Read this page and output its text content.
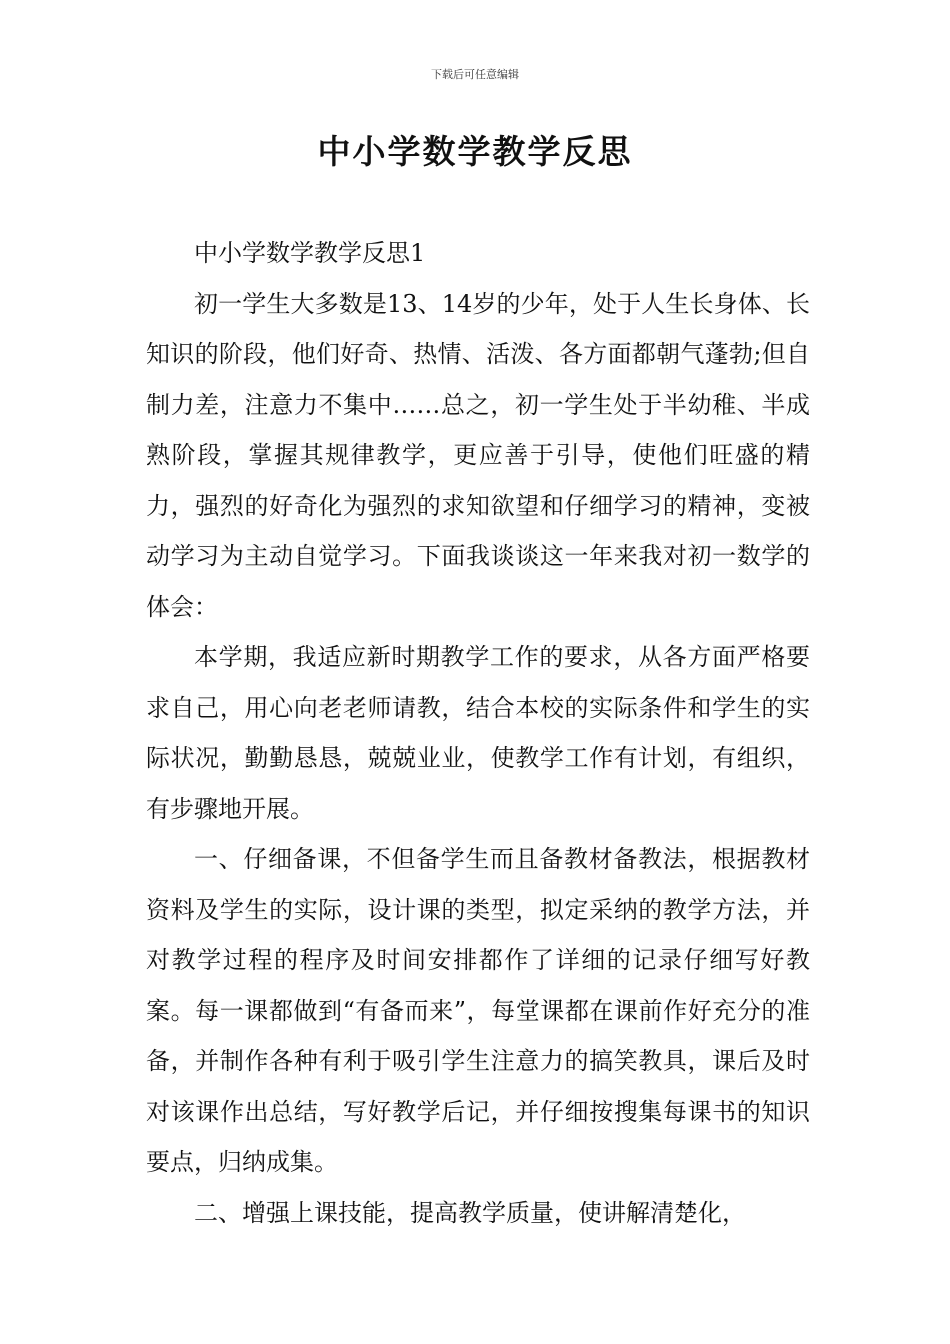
下载后可任意编辑
中小学数学教学反思

中小学数学教学反思1

初一学生大多数是13、14岁的少年，处于人生长身体、长知识的阶段，他们好奇、热情、活泼、各方面都朝气蓬勃;但自制力差，注意力不集中……总之，初一学生处于半幼稚、半成熟阶段，掌握其规律教学，更应善于引导，使他们旺盛的精力，强烈的好奇化为强烈的求知欲望和仔细学习的精神，变被动学习为主动自觉学习。下面我谈谈这一年来我对初一数学的体会：

本学期，我适应新时期教学工作的要求，从各方面严格要求自己，用心向老老师请教，结合本校的实际条件和学生的实际状况，勤勤恳恳，兢兢业业，使教学工作有计划，有组织，有步骤地开展。

一、仔细备课，不但备学生而且备教材备教法，根据教材资料及学生的实际，设计课的类型，拟定采纳的教学方法，并对教学过程的程序及时间安排都作了详细的记录仔细写好教案。每一课都做到“有备而来”，每堂课都在课前作好充分的准备，并制作各种有利于吸引学生注意力的搞笑教具，课后及时对该课作出总结，写好教学后记，并仔细按搜集每课书的知识要点，归纳成集。

二、增强上课技能，提高教学质量，使讲解清楚化，
